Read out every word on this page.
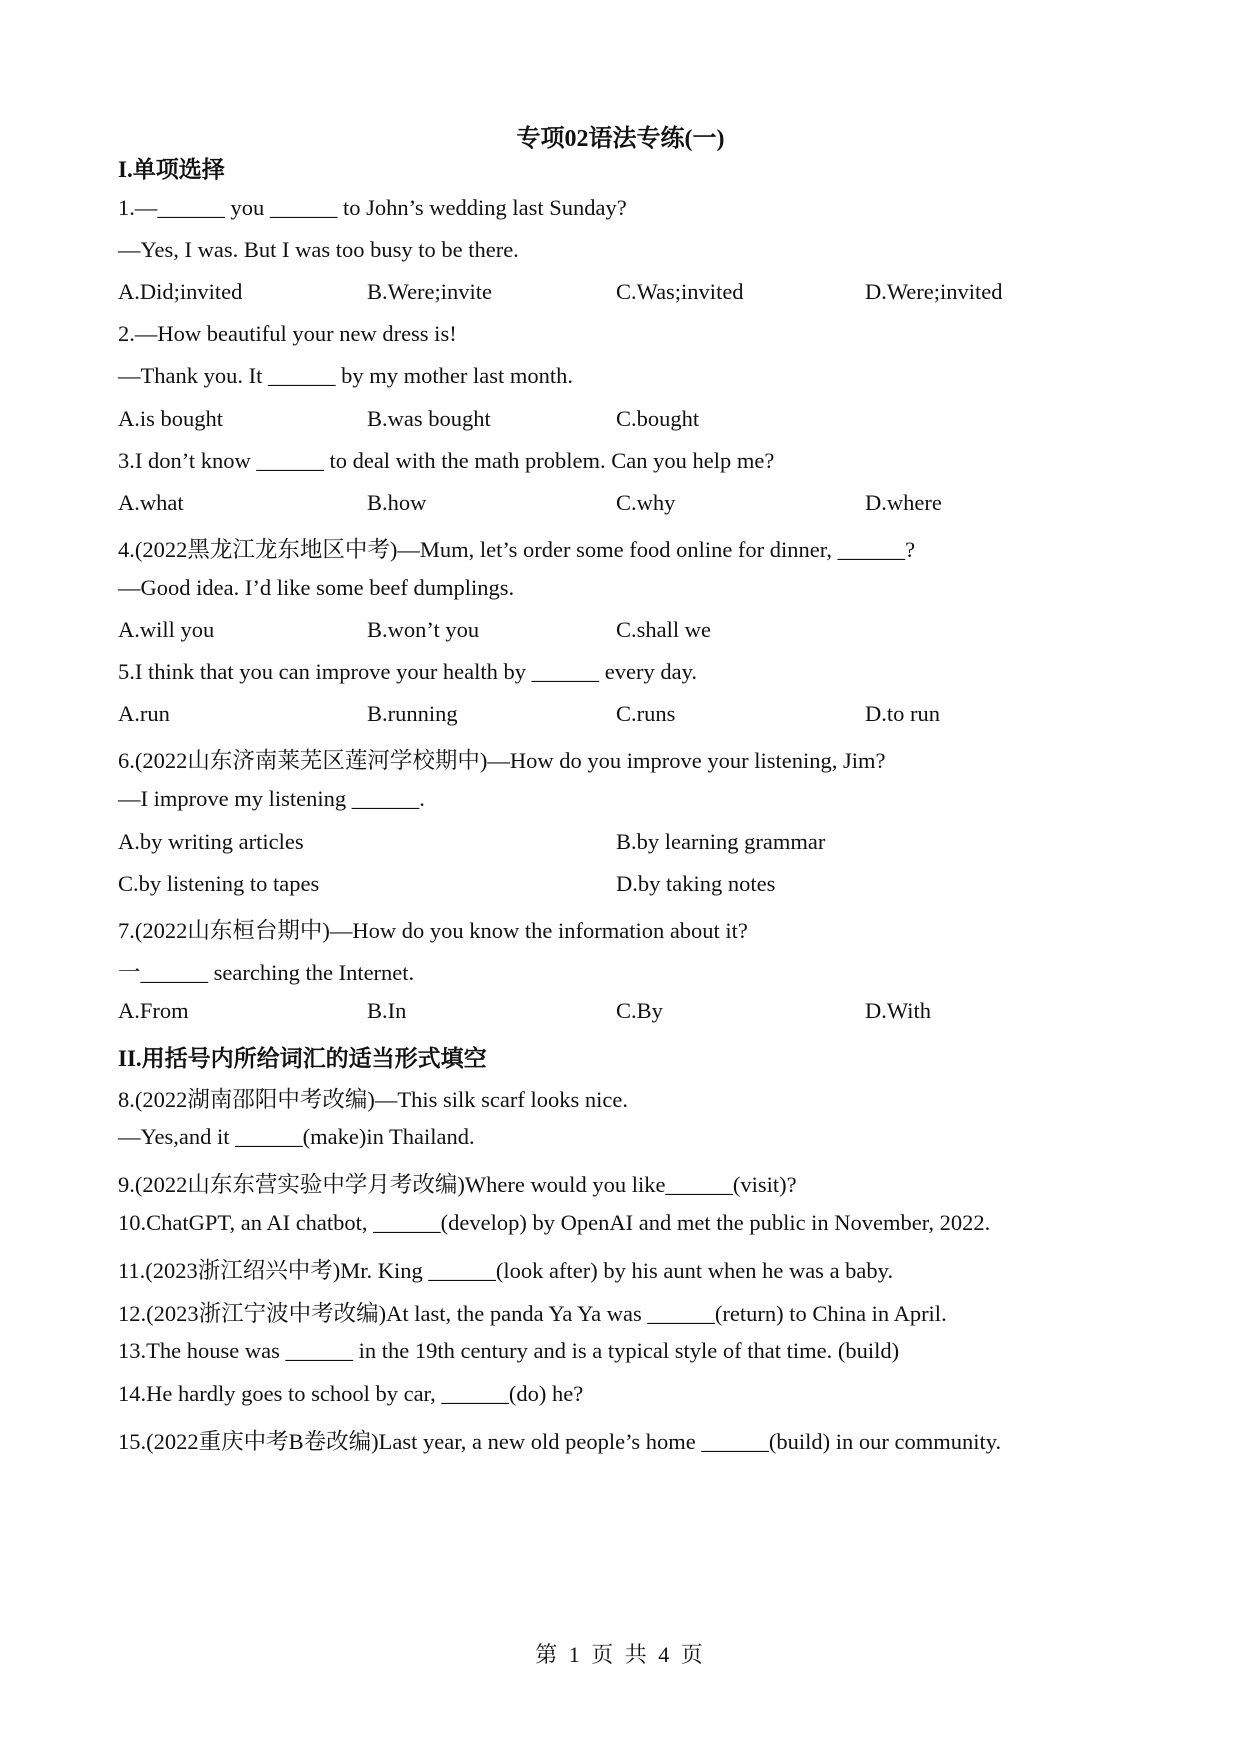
专项02语法专练(一)
I.单项选择
1.—______ you ______ to John’s wedding last Sunday?
—Yes, I was. But I was too busy to be there.
A.Did;invited	B.Were;invite	C.Was;invited	D.Were;invited
2.—How beautiful your new dress is!
—Thank you. It ______ by my mother last month.
A.is bought	B.was bought	C.bought
3.I don’t know ______ to deal with the math problem. Can you help me?
A.what	B.how	C.why	D.where
4.(2022黑龙江龙东地区中考)—Mum, let’s order some food online for dinner, ______?
—Good idea. I’d like some beef dumplings.
A.will you	B.won’t you	C.shall we
5.I think that you can improve your health by ______ every day.
A.run	B.running	C.runs	D.to run
6.(2022山东济南莱芜区莲河学校期中)—How do you improve your listening, Jim?
—I improve my listening ______.
A.by writing articles	B.by learning grammar
C.by listening to tapes	D.by taking notes
7.(2022山东桓台期中)—How do you know the information about it?
一______ searching the Internet.
A.From	B.In	C.By	D.With
II.用括号内所给词汇的适当形式填空
8.(2022湖南邵阳中考改编)—This silk scarf looks nice.
—Yes,and it ______(make)in Thailand.
9.(2022山东东营实验中学月考改编)Where would you like______(visit)?
10.ChatGPT, an AI chatbot, ______(develop) by OpenAI and met the public in November, 2022.
11.(2023浙江绍兴中考)Mr. King ______(look after) by his aunt when he was a baby.
12.(2023浙江宁波中考改编)At last, the panda Ya Ya was ______(return) to China in April.
13.The house was ______ in the 19th century and is a typical style of that time. (build)
14.He hardly goes to school by car, ______(do) he?
15.(2022重庆中考B卷改编)Last year, a new old people’s home ______(build) in our community.
第 1 页 共 4 页
